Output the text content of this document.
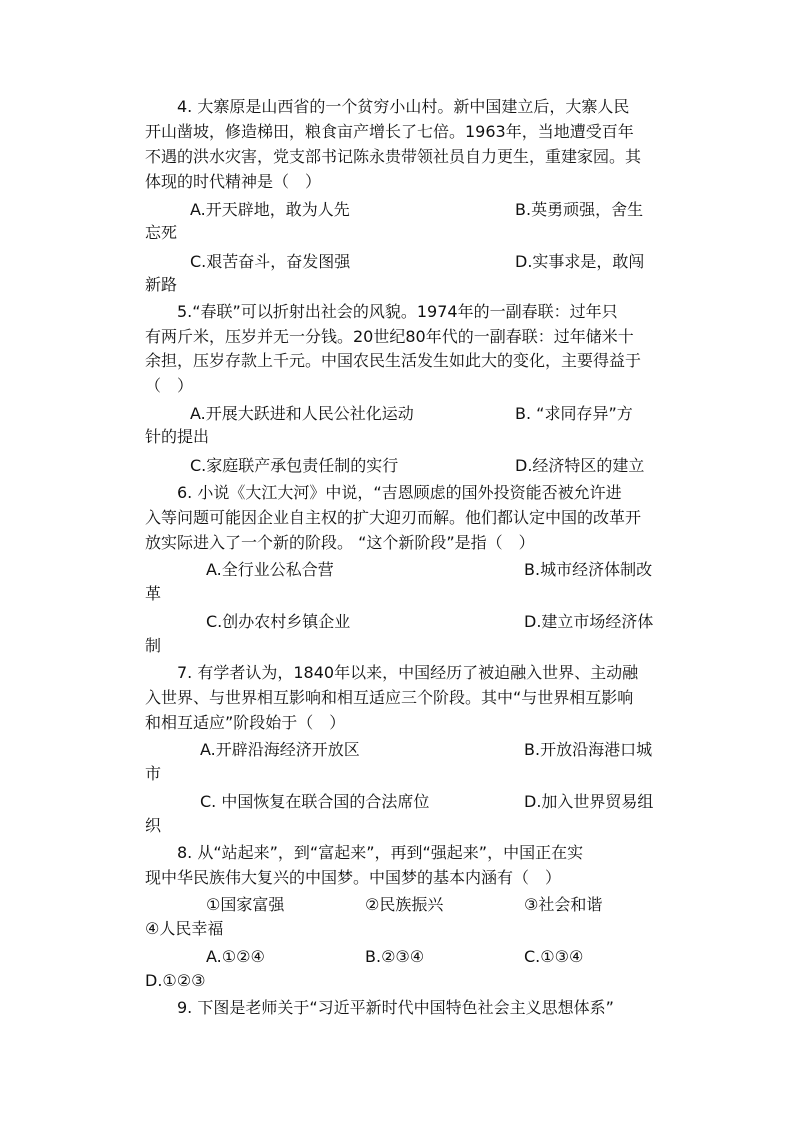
4. 大寨原是山西省的一个贫穷小山村。新中国建立后，大寨人民
开山凿坡，修造梯田，粮食亩产增长了七倍。1963年，当地遭受百年
不遇的洪水灾害，党支部书记陈永贵带领社员自力更生，重建家园。其
体现的时代精神是（　）
A.开天辟地，敢为人先	B.英勇顽强，舍生
忘死
C.艰苦奋斗，奋发图强	D.实事求是，敢闯
新路
5.“春联”可以折射出社会的风貌。1974年的一副春联：过年只
有两斤米，压岁并无一分钱。20世纪80年代的一副春联：过年储米十
余担，压岁存款上千元。中国农民生活发生如此大的变化，主要得益于
（　）
A.开展大跃进和人民公社化运动	B. “求同存异”方
针的提出
C.家庭联产承包责任制的实行	D.经济特区的建立
6. 小说《大江大河》中说，“吉恩顾虑的国外投资能否被允许进
入等问题可能因企业自主权的扩大迎刃而解。他们都认定中国的改革开
放实际进入了一个新的阶段。 “这个新阶段”是指（　）
A.全行业公私合营	B.城市经济体制改
革
C.创办农村乡镇企业	D.建立市场经济体
制
7. 有学者认为，1840年以来，中国经历了被迫融入世界、主动融
入世界、与世界相互影响和相互适应三个阶段。其中“与世界相互影响
和相互适应”阶段始于（　）
A.开辟沿海经济开放区	B.开放沿海港口城
市
C. 中国恢复在联合国的合法席位	D.加入世界贸易组
织
8. 从“站起来”，到“富起来”，再到“强起来”，中国正在实
现中华民族伟大复兴的中国梦。中国梦的基本内涵有（　）
①国家富强	②民族振兴	③社会和谐
④人民幸福
A.①②④	B.②③④	C.①③④
D.①②③
9. 下图是老师关于“习近平新时代中国特色社会主义思想体系”
